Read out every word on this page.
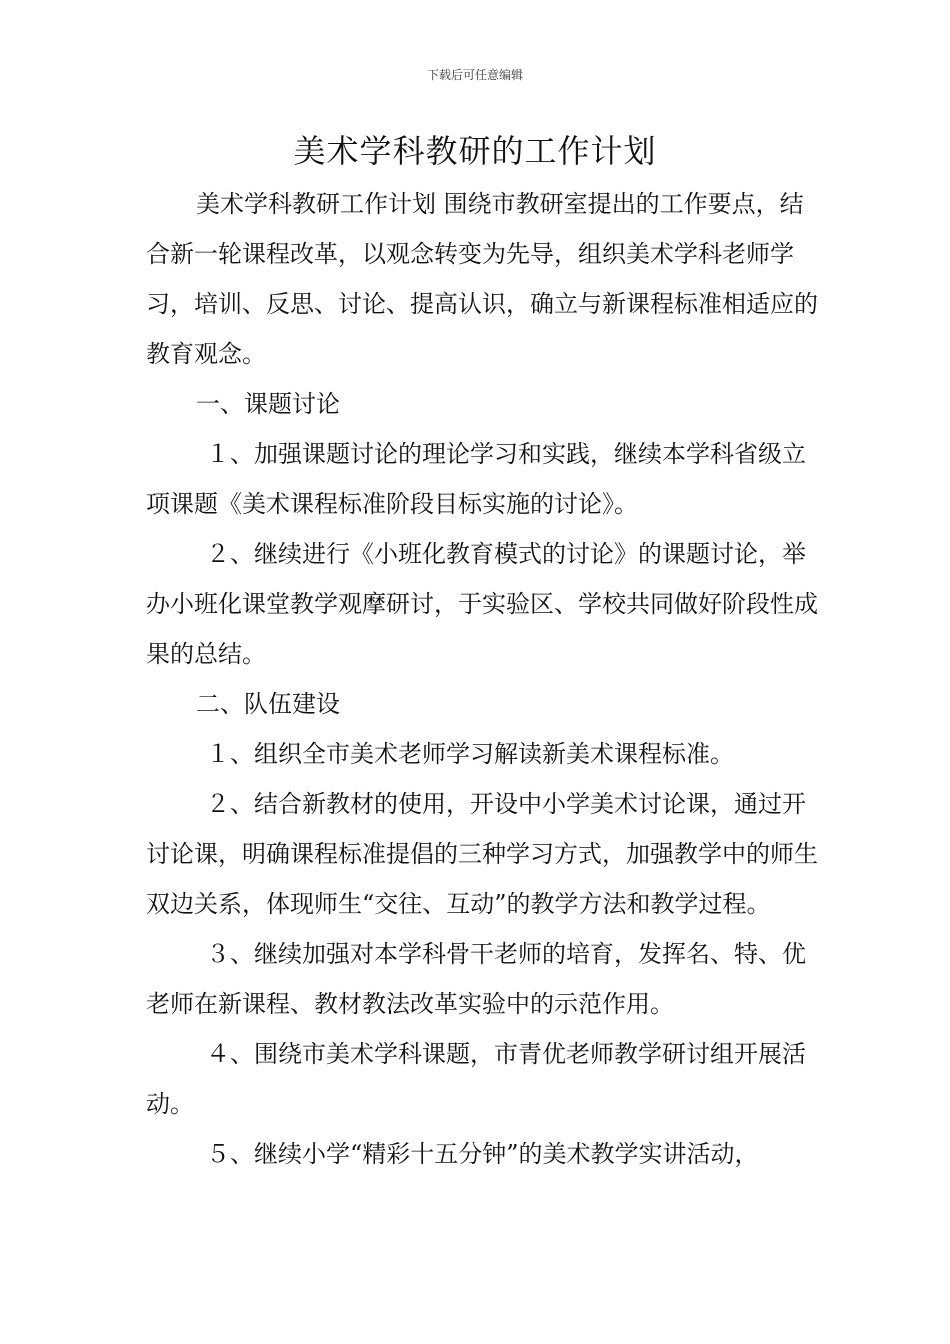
下载后可任意编辑
美术学科教研的工作计划

美术学科教研工作计划 围绕市教研室提出的工作要点，结合新一轮课程改革，以观念转变为先导，组织美术学科老师学习，培训、反思、讨论、提高认识，确立与新课程标准相适应的教育观念。

一、课题讨论

１、加强课题讨论的理论学习和实践，继续本学科省级立项课题《美术课程标准阶段目标实施的讨论》。

２、继续进行《小班化教育模式的讨论》的课题讨论，举办小班化课堂教学观摩研讨，于实验区、学校共同做好阶段性成果的总结。

二、队伍建设

１、组织全市美术老师学习解读新美术课程标准。

２、结合新教材的使用，开设中小学美术讨论课，通过开讨论课，明确课程标准提倡的三种学习方式，加强教学中的师生双边关系，体现师生“交往、互动”的教学方法和教学过程。

３、继续加强对本学科骨干老师的培育，发挥名、特、优老师在新课程、教材教法改革实验中的示范作用。

４、围绕市美术学科课题，市青优老师教学研讨组开展活动。

５、继续小学“精彩十五分钟”的美术教学实讲活动，
